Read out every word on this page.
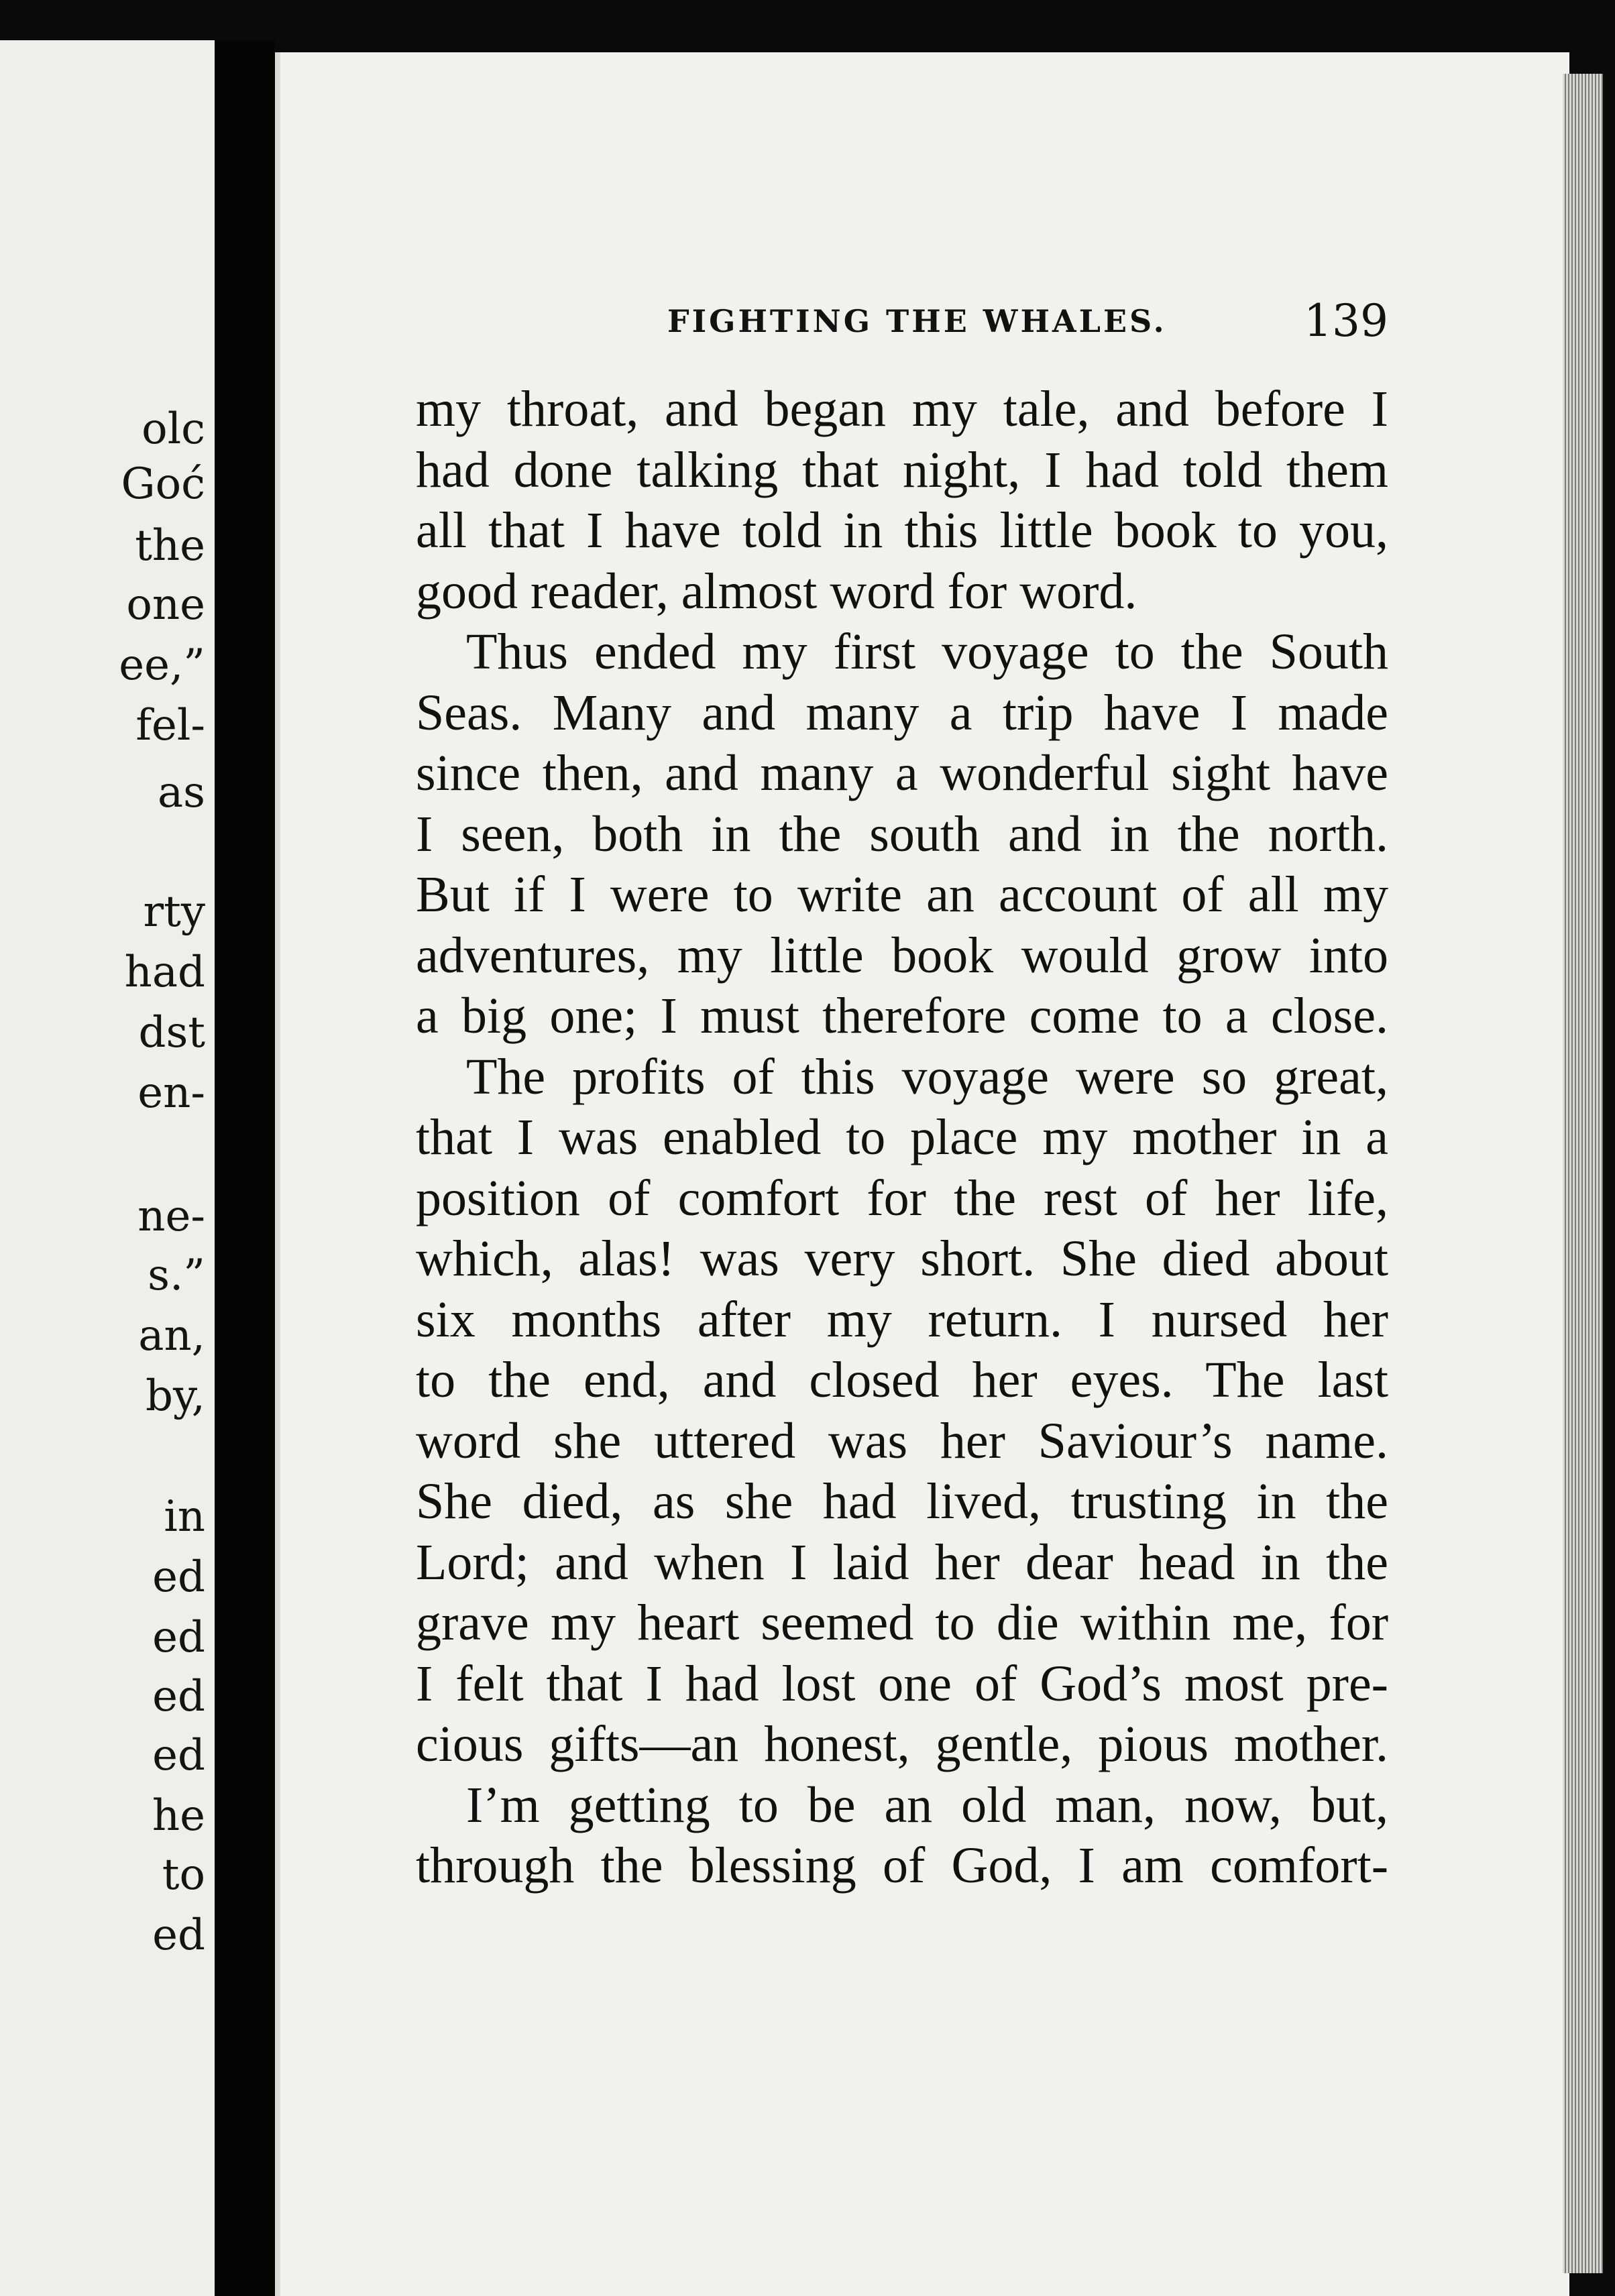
olc
Goć
the
one
ee,”
fel-
as
rty
had
dst
en-
ne-
s.”
an,
by,
in
ed
ed
ed
ed
he
to
ed
FIGHTING THE WHALES.	139
my throat, and began my tale, and before I
had done talking that night, I had told them
all that I have told in this little book to you,
good reader, almost word for word.
Thus ended my first voyage to the South
Seas. Many and many a trip have I made
since then, and many a wonderful sight have
I seen, both in the south and in the north.
But if I were to write an account of all my
adventures, my little book would grow into
a big one; I must therefore come to a close.
The profits of this voyage were so great,
that I was enabled to place my mother in a
position of comfort for the rest of her life,
which, alas! was very short. She died about
six months after my return. I nursed her
to the end, and closed her eyes. The last
word she uttered was her Saviour’s name.
She died, as she had lived, trusting in the
Lord; and when I laid her dear head in the
grave my heart seemed to die within me, for
I felt that I had lost one of God’s most pre-
cious gifts—an honest, gentle, pious mother.
I’m getting to be an old man, now, but,
through the blessing of God, I am comfort-
